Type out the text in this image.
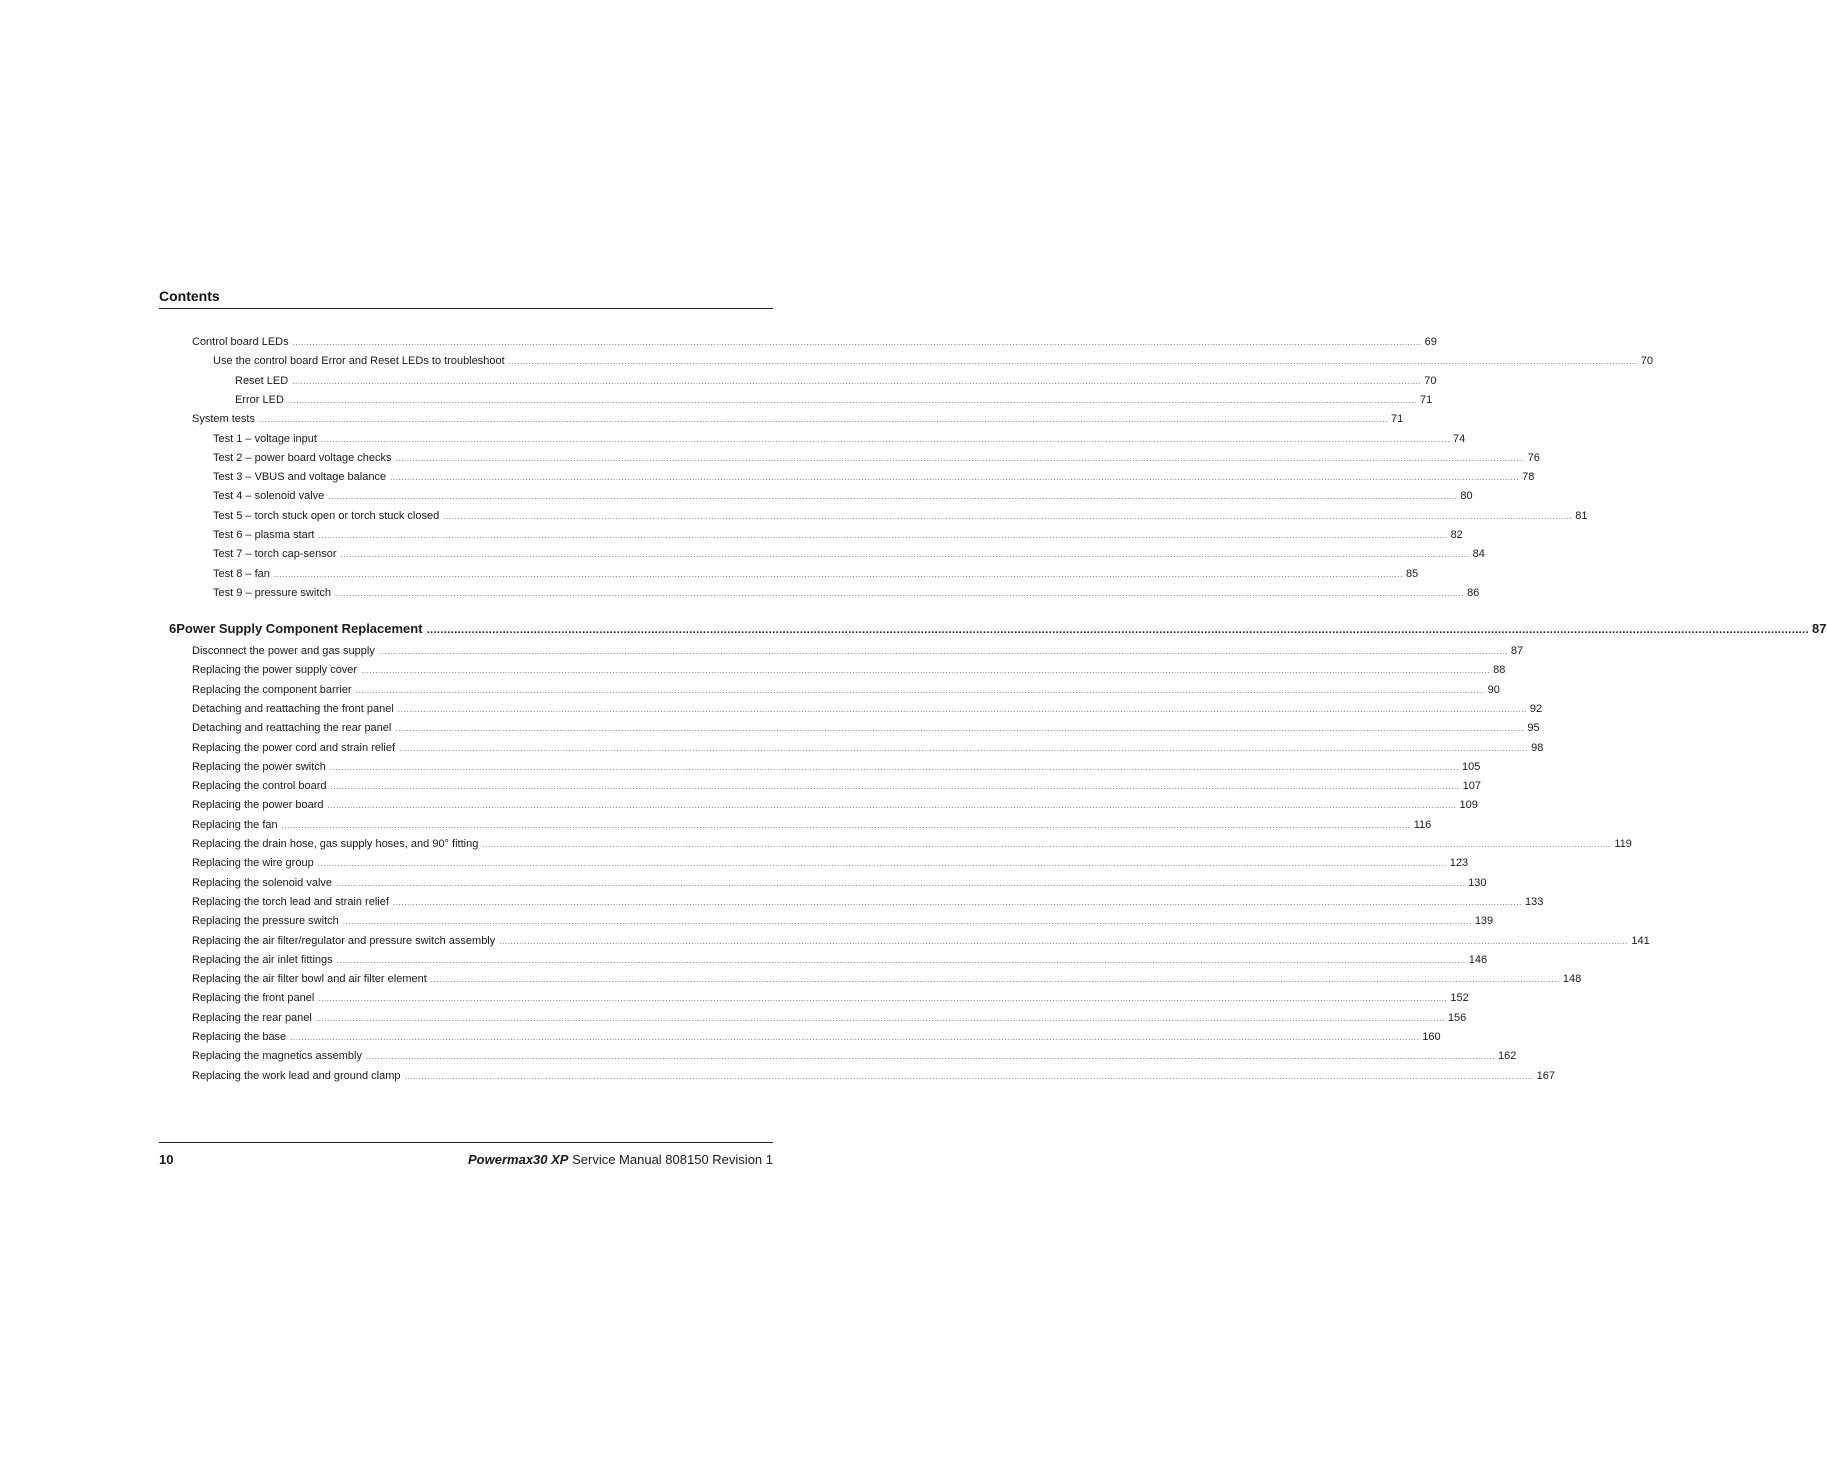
Contents
Control board LEDs ................................................................................................................................................................................................................................................................................................................................................................................................................ 69
Use the control board Error and Reset LEDs to troubleshoot ................................................................................................................................................................................................................................................................................................................................................................................................................ 70
Reset LED ................................................................................................................................................................................................................................................................................................................................................................................................................ 70
Error LED ................................................................................................................................................................................................................................................................................................................................................................................................................ 71
System tests ................................................................................................................................................................................................................................................................................................................................................................................................................ 71
Test 1 – voltage input ................................................................................................................................................................................................................................................................................................................................................................................................................ 74
Test 2 – power board voltage checks ................................................................................................................................................................................................................................................................................................................................................................................................................ 76
Test 3 – VBUS and voltage balance ................................................................................................................................................................................................................................................................................................................................................................................................................ 78
Test 4 – solenoid valve ................................................................................................................................................................................................................................................................................................................................................................................................................ 80
Test 5 – torch stuck open or torch stuck closed ................................................................................................................................................................................................................................................................................................................................................................................................................ 81
Test 6 – plasma start ................................................................................................................................................................................................................................................................................................................................................................................................................ 82
Test 7 – torch cap-sensor ................................................................................................................................................................................................................................................................................................................................................................................................................ 84
Test 8 – fan ................................................................................................................................................................................................................................................................................................................................................................................................................ 85
Test 9 – pressure switch ................................................................................................................................................................................................................................................................................................................................................................................................................ 86
6 Power Supply Component Replacement ................................................................................................................................................................................................................................................................................................................................................................................................................ 87
Disconnect the power and gas supply ................................................................................................................................................................................................................................................................................................................................................................................................................ 87
Replacing the power supply cover ................................................................................................................................................................................................................................................................................................................................................................................................................ 88
Replacing the component barrier ................................................................................................................................................................................................................................................................................................................................................................................................................ 90
Detaching and reattaching the front panel ................................................................................................................................................................................................................................................................................................................................................................................................................ 92
Detaching and reattaching the rear panel ................................................................................................................................................................................................................................................................................................................................................................................................................ 95
Replacing the power cord and strain relief ................................................................................................................................................................................................................................................................................................................................................................................................................ 98
Replacing the power switch ................................................................................................................................................................................................................................................................................................................................................................................................................ 105
Replacing the control board ................................................................................................................................................................................................................................................................................................................................................................................................................ 107
Replacing the power board ................................................................................................................................................................................................................................................................................................................................................................................................................ 109
Replacing the fan ................................................................................................................................................................................................................................................................................................................................................................................................................ 116
Replacing the drain hose, gas supply hoses, and 90° fitting ................................................................................................................................................................................................................................................................................................................................................................................................................ 119
Replacing the wire group ................................................................................................................................................................................................................................................................................................................................................................................................................ 123
Replacing the solenoid valve ................................................................................................................................................................................................................................................................................................................................................................................................................ 130
Replacing the torch lead and strain relief ................................................................................................................................................................................................................................................................................................................................................................................................................ 133
Replacing the pressure switch ................................................................................................................................................................................................................................................................................................................................................................................................................ 139
Replacing the air filter/regulator and pressure switch assembly ................................................................................................................................................................................................................................................................................................................................................................................................................ 141
Replacing the air inlet fittings ................................................................................................................................................................................................................................................................................................................................................................................................................ 146
Replacing the air filter bowl and air filter element ................................................................................................................................................................................................................................................................................................................................................................................................................ 148
Replacing the front panel ................................................................................................................................................................................................................................................................................................................................................................................................................ 152
Replacing the rear panel ................................................................................................................................................................................................................................................................................................................................................................................................................ 156
Replacing the base ................................................................................................................................................................................................................................................................................................................................................................................................................ 160
Replacing the magnetics assembly ................................................................................................................................................................................................................................................................................................................................................................................................................ 162
Replacing the work lead and ground clamp ................................................................................................................................................................................................................................................................................................................................................................................................................ 167
10	Powermax30 XP Service Manual 808150 Revision 1
